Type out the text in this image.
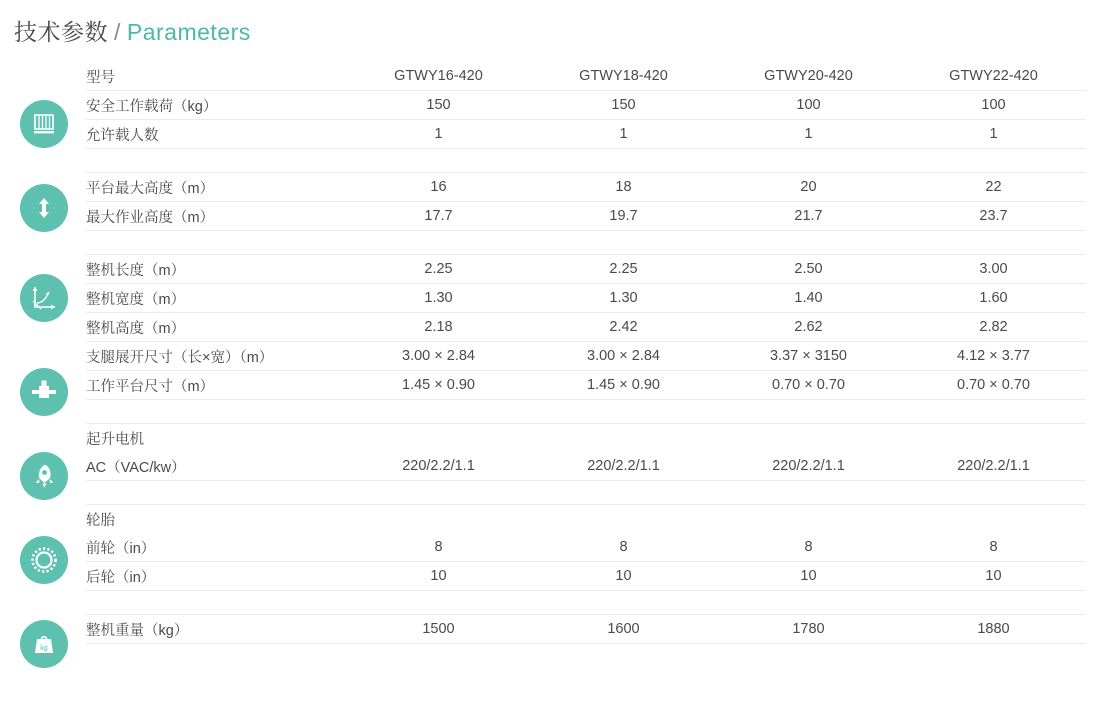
技术参数 / Parameters
kg
型号	GTWY16-420	GTWY18-420	GTWY20-420	GTWY22-420
安全工作载荷（kg）	150	150	100	100
允许载人数	1	1	1	1

平台最大高度（m）	16	18	20	22
最大作业高度（m）	17.7	19.7	21.7	23.7

整机长度（m）	2.25	2.25	2.50	3.00
整机宽度（m）	1.30	1.30	1.40	1.60
整机高度（m）	2.18	2.42	2.62	2.82
支腿展开尺寸（长×宽）（m）	3.00 × 2.84	3.00 × 2.84	3.37 × 3150	4.12 × 3.77
工作平台尺寸（m）	1.45 × 0.90	1.45 × 0.90	0.70 × 0.70	0.70 × 0.70

起升电机				
AC（VAC/kw）	220/2.2/1.1	220/2.2/1.1	220/2.2/1.1	220/2.2/1.1

轮胎				
前轮（in）	8	8	8	8
后轮（in）	10	10	10	10

整机重量（kg）	1500	1600	1780	1880
